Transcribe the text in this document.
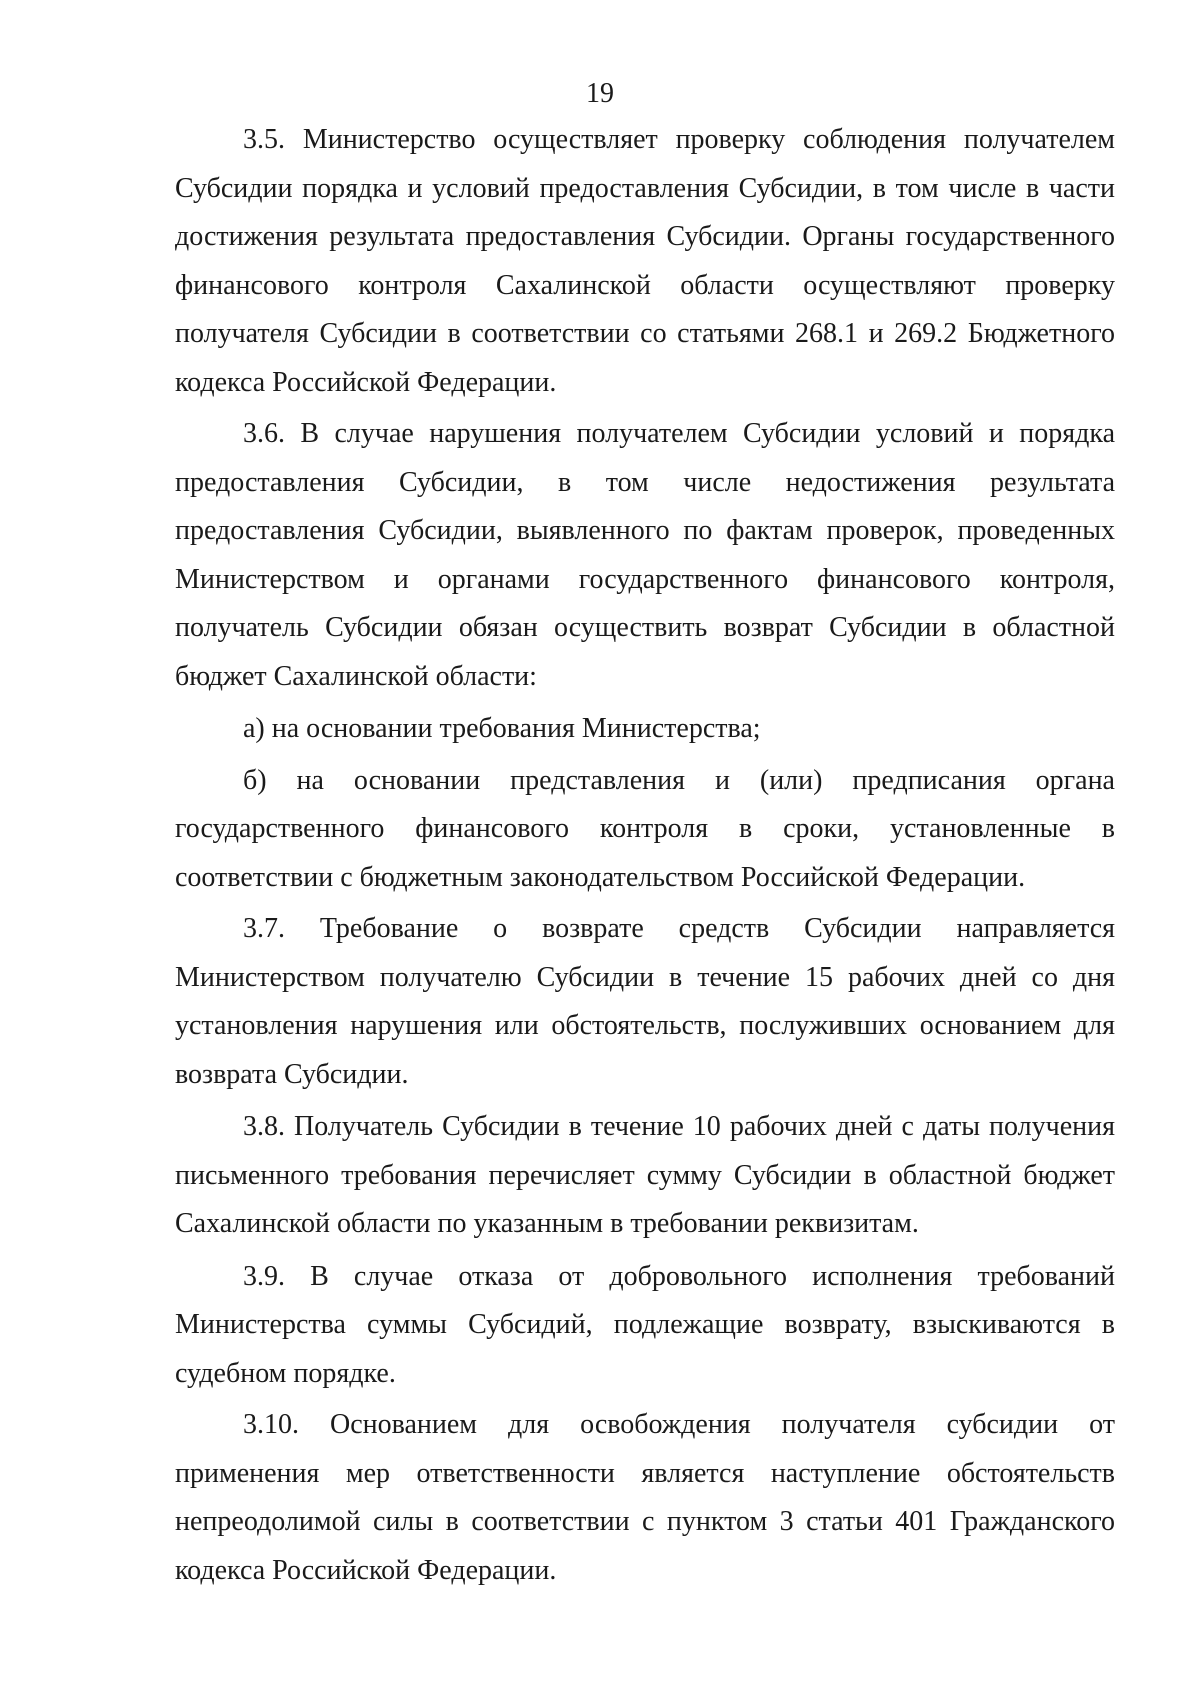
19

3.5. Министерство осуществляет проверку соблюдения получателем Субсидии порядка и условий предоставления Субсидии, в том числе в части достижения результата предоставления Субсидии. Органы государственного финансового контроля Сахалинской области осуществляют проверку получателя Субсидии в соответствии со статьями 268.1 и 269.2 Бюджетного кодекса Российской Федерации.

3.6. В случае нарушения получателем Субсидии условий и порядка предоставления Субсидии, в том числе недостижения результата предоставления Субсидии, выявленного по фактам проверок, проведенных Министерством и органами государственного финансового контроля, получатель Субсидии обязан осуществить возврат Субсидии в областной бюджет Сахалинской области:

а) на основании требования Министерства;

б) на основании представления и (или) предписания органа государственного финансового контроля в сроки, установленные в соответствии с бюджетным законодательством Российской Федерации.

3.7. Требование о возврате средств Субсидии направляется Министерством получателю Субсидии в течение 15 рабочих дней со дня установления нарушения или обстоятельств, послуживших основанием для возврата Субсидии.

3.8. Получатель Субсидии в течение 10 рабочих дней с даты получения письменного требования перечисляет сумму Субсидии в областной бюджет Сахалинской области по указанным в требовании реквизитам.

3.9. В случае отказа от добровольного исполнения требований Министерства суммы Субсидий, подлежащие возврату, взыскиваются в судебном порядке.

3.10. Основанием для освобождения получателя субсидии от применения мер ответственности является наступление обстоятельств непреодолимой силы в соответствии с пунктом 3 статьи 401 Гражданского кодекса Российской Федерации.
